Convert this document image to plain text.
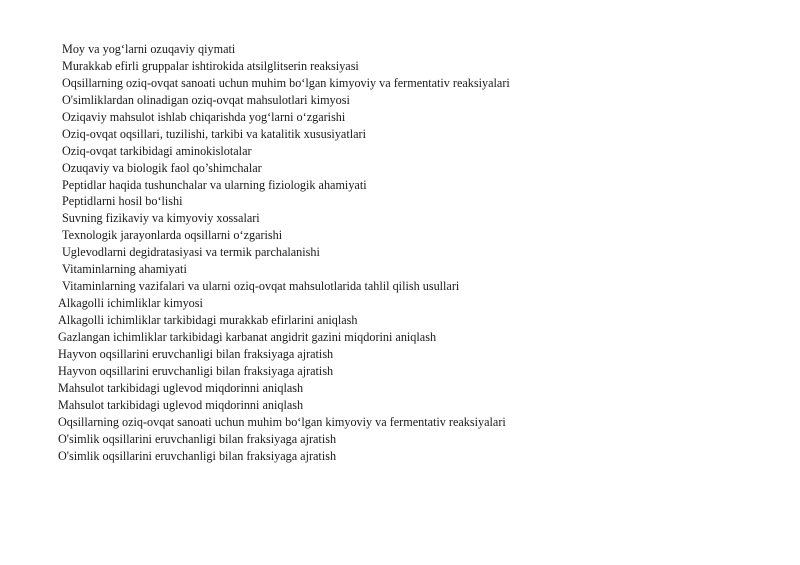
Moy va yog‘larni ozuqaviy qiymati
Murakkab efirli gruppalar ishtirokida atsilglitserin reaksiyasi
Oqsillarning oziq-ovqat sanoati uchun muhim bo‘lgan kimyoviy va fermentativ reaksiyalari
O'simliklardan olinadigan oziq-ovqat mahsulotlari kimyosi
Oziqaviy mahsulot ishlab chiqarishda yog‘larni o‘zgarishi
Oziq-ovqat oqsillari, tuzilishi, tarkibi va katalitik xususiyatlari
Oziq-ovqat tarkibidagi aminokislotalar
Ozuqaviy va biologik faol qo’shimchalar
Peptidlar haqida tushunchalar va ularning fiziologik ahamiyati
Peptidlarni hosil bo‘lishi
Suvning fizikaviy va kimyoviy xossalari
Texnologik jarayonlarda oqsillarni o‘zgarishi
Uglevodlarni degidratasiyasi va termik parchalanishi
Vitaminlarning ahamiyati
Vitaminlarning vazifalari va ularni oziq-ovqat mahsulotlarida tahlil qilish usullari
Alkagolli ichimliklar kimyosi
Alkagolli ichimliklar tarkibidagi murakkab efirlarini aniqlash
Gazlangan ichimliklar tarkibidagi karbanat angidrit gazini miqdorini aniqlash
Hayvon oqsillarini eruvchanligi bilan fraksiyaga ajratish
Hayvon oqsillarini eruvchanligi bilan fraksiyaga ajratish
Mahsulot tarkibidagi uglevod miqdorinni aniqlash
Mahsulot tarkibidagi uglevod miqdorinni aniqlash
Oqsillarning oziq-ovqat sanoati uchun muhim bo‘lgan kimyoviy va fermentativ reaksiyalari
O'simlik oqsillarini eruvchanligi bilan fraksiyaga ajratish
O'simlik oqsillarini eruvchanligi bilan fraksiyaga ajratish
